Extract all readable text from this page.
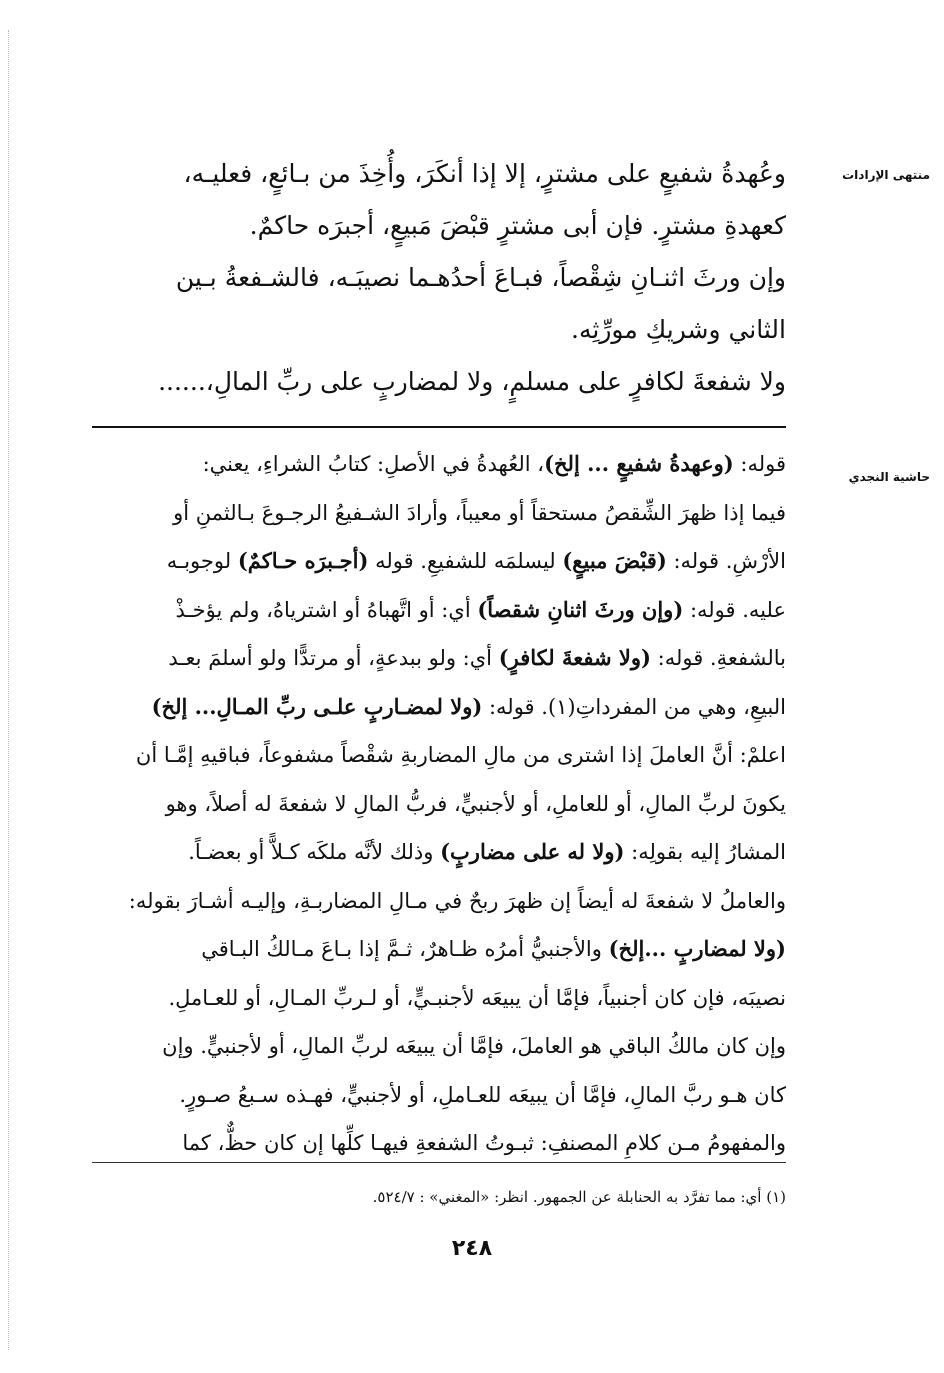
منتهى الإرادات
حاشية النجدي
وعُهدةُ شفيعٍ على مشترٍ، إلا إذا أنكَرَ، وأُخِذَ من بـائعٍ، فعليـه،
كعهدةِ مشترٍ. فإن أبى مشترٍ قبْضَ مَبيعٍ، أجبرَه حاكمٌ.
وإن ورثَ اثنـانِ شِقْصاً، فبـاعَ أحدُهـما نصيبَـه، فالشـفعةُ بـين
الثاني وشريكِ مورِّثِه.
ولا شفعةَ لكافرٍ على مسلمٍ، ولا لمضاربٍ على ربِّ المالِ،......
قوله: (وعهدةُ شفيعٍ ... إلخ)، العُهدةُ في الأصلِ: كتابُ الشراءِ، يعني:
فيما إذا ظهرَ الشِّقصُ مستحقاً أو معيباً، وأرادَ الشـفيعُ الرجـوعَ بـالثمنِ أو
الأرْشِ. قوله: (قبْضَ مبيعٍ) ليسلمَه للشفيعِ. قوله (أجـبرَه حـاكمٌ) لوجوبـه
عليه. قوله: (وإن ورثَ اثنانِ شقصاً) أي: أو اتَّهباهُ أو اشترياهُ، ولم يؤخـذْ
بالشفعةِ. قوله: (ولا شفعةَ لكافرٍ) أي: ولو ببدعةٍ، أو مرتدًّا ولو أسلمَ بعـد
البيعِ، وهي من المفرداتِ(١). قوله: (ولا لمضـاربٍ علـى ربِّ المـالِ... إلخ)
اعلمْ: أنَّ العاملَ إذا اشترى من مالِ المضاربةِ شقْصاً مشفوعاً، فباقيهِ إمَّـا أن
يكونَ لربِّ المالِ، أو للعاملِ، أو لأجنبيٍّ، فربُّ المالِ لا شفعةَ له أصلاً، وهو
المشارُ إليه بقولِه: (ولا له على مضاربٍ) وذلك لأنَّه ملكَه كـلاًّ أو بعضـاً.
والعاملُ لا شفعةَ له أيضاً إن ظهرَ ربحٌ في مـالِ المضاربـةِ، وإليـه أشـارَ بقوله:
(ولا لمضاربٍ ...إلخ) والأجنبيُّ أمرُه ظـاهرٌ، ثـمَّ إذا بـاعَ مـالكُ البـاقي
نصيبَه، فإن كان أجنبياً، فإمَّا أن يبيعَه لأجنبـيٍّ، أو لـربِّ المـالِ، أو للعـاملِ.
وإن كان مالكُ الباقي هو العاملَ، فإمَّا أن يبيعَه لربِّ المالِ، أو لأجنبيٍّ. وإن
كان هـو ربَّ المالِ، فإمَّا أن يبيعَه للعـاملِ، أو لأجنبيٍّ، فهـذه سـبعُ صـورٍ.
والمفهومُ مـن كلامِ المصنفِ: ثبـوتُ الشفعةِ فيهـا كلِّها إن كان حظٌّ، كما
(١) أي: مما تفرَّد به الحنابلة عن الجمهور. انظر: «المغني» : ٥٢٤/٧.
٢٤٨
